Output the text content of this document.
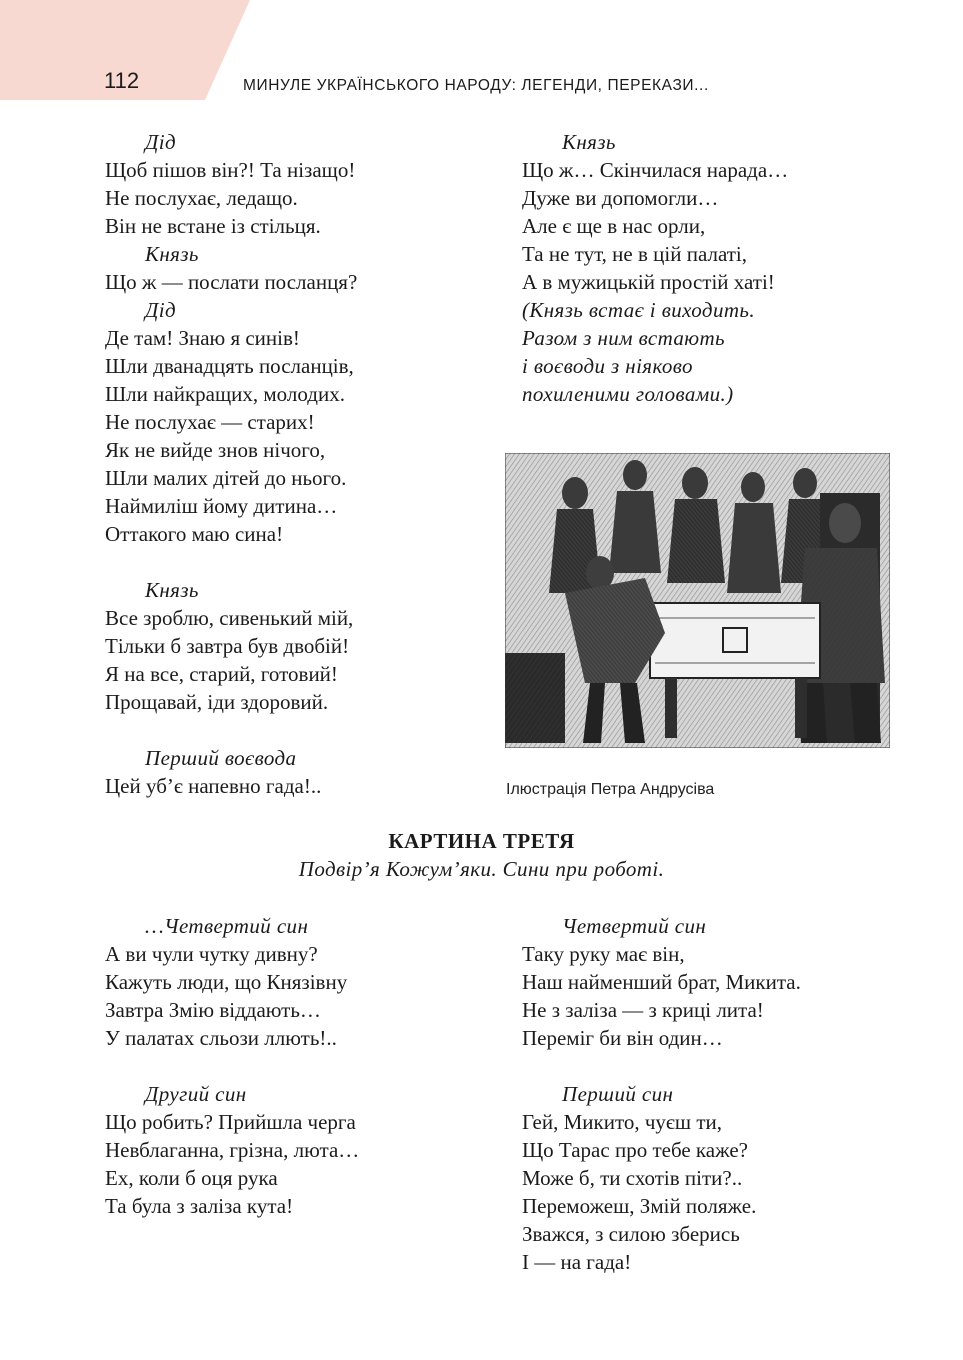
112	МИНУЛЕ УКРАЇНСЬКОГО НАРОДУ: ЛЕГЕНДИ, ПЕРЕКАЗИ...
Дід
Щоб пішов він?! Та нізащо!
Не послухає, ледащо.
Він не встане із стільця.
Князь
Що ж — послати посланця?
Дід
Де там! Знаю я синів!
Шли дванадцять посланців,
Шли найкращих, молодих.
Не послухає — старих!
Як не вийде знов нічого,
Шли малих дітей до нього.
Наймиліш йому дитина…
Оттакого маю сина!
Князь
Все зроблю, сивенький мій,
Тільки б завтра був двобій!
Я на все, старий, готовий!
Прощавай, іди здоровий.
Перший воєвода
Цей уб’є напевно гада!..
Князь
Що ж… Скінчилася нарада…
Дуже ви допомогли…
Але є ще в нас орли,
Та не тут, не в цій палаті,
А в мужицькій простій хаті!
(Князь встає і виходить.
Разом з ним встають
і воєводи з ніяково
похиленими головами.)
Ілюстрація Петра Андрусіва
КАРТИНА ТРЕТЯ
Подвір’я Кожум’яки. Сини при роботі.
…Четвертий син
А ви чули чутку дивну?
Кажуть люди, що Князівну
Завтра Змію віддають…
У палатах сльози ллють!..
Другий син
Що робить? Прийшла черга
Невблаганна, грізна, люта…
Ех, коли б оця рука
Та була з заліза кута!
Четвертий син
Таку руку має він,
Наш найменший брат, Микита.
Не з заліза — з криці лита!
Переміг би він один…
Перший син
Гей, Микито, чуєш ти,
Що Тарас про тебе каже?
Може б, ти схотів піти?..
Переможеш, Змій поляже.
Зважся, з силою зберись
І — на гада!
